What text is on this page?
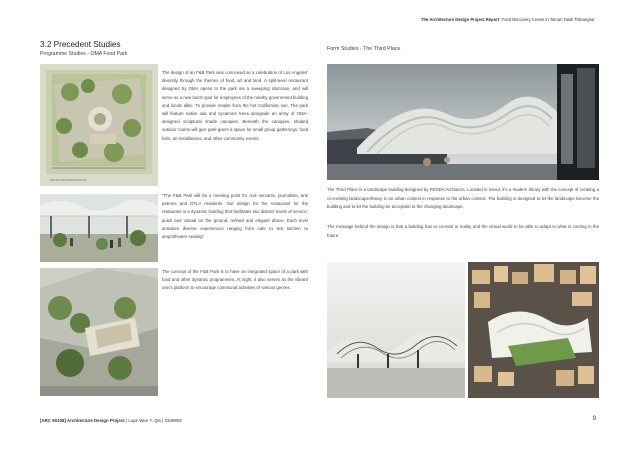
The Architecture Design Project Report: Food Discovery Centre in Taman Tasik Titiwangsa
3.2 Precedent Studies
Programme Studies - OMA Food Park
Form Studies - The Third Place
SOUTH ELEVATION PLAN
The design of an F&B Park was conceived as a celebration of Los Angeles' diversity through the themes of food, art and land. A split-level restaurant designed by OMA opens to the park via a sweeping staircase, and will serve as a new lunch spot for employees of the nearby government building and locals alike. To provide respite from the hot Californian sun, The park will feature native oak and sycamore trees alongside an array of OMA-designed sculptural shade canopies. Beneath the canopies, shaded outdoor rooms will give park-goers a space for small group gatherings, food fairs, art installations, and other community events.
"The F&B Park will be a meeting point for civil servants, journalists, arts patrons and DTLA residents. Our design for the restaurant for the restaurant is a dynamic building that facilitates two distinct levels of service: quick and casual on the ground, refined and elegant above. Each level activates diverse experiences ranging from cafe to test kitchen to amphitheatre seating"
The concept of the F&B Park is to have an integrated space of a park with food and other dynamic programmes. At night, it also serves as the vibrant civics platform to encourage communal activities of various genres.
The Third Place is a landscape building designed by PENDA Architects. Located in Seoul, it's a modern library with the concept of creating a co-existing landscape-library in an urban context in response to the urban context. The building is designed to let the landscape become the building and to let the building be acceptant to the changing landscape.
The message behind the design is that a building has to co-exist in reality and the virtual world to be able to adapt to what is coming in the future.
[ARC 60108] Architecture Design Project | Lope Wee Y. Qin | 0339802	9
